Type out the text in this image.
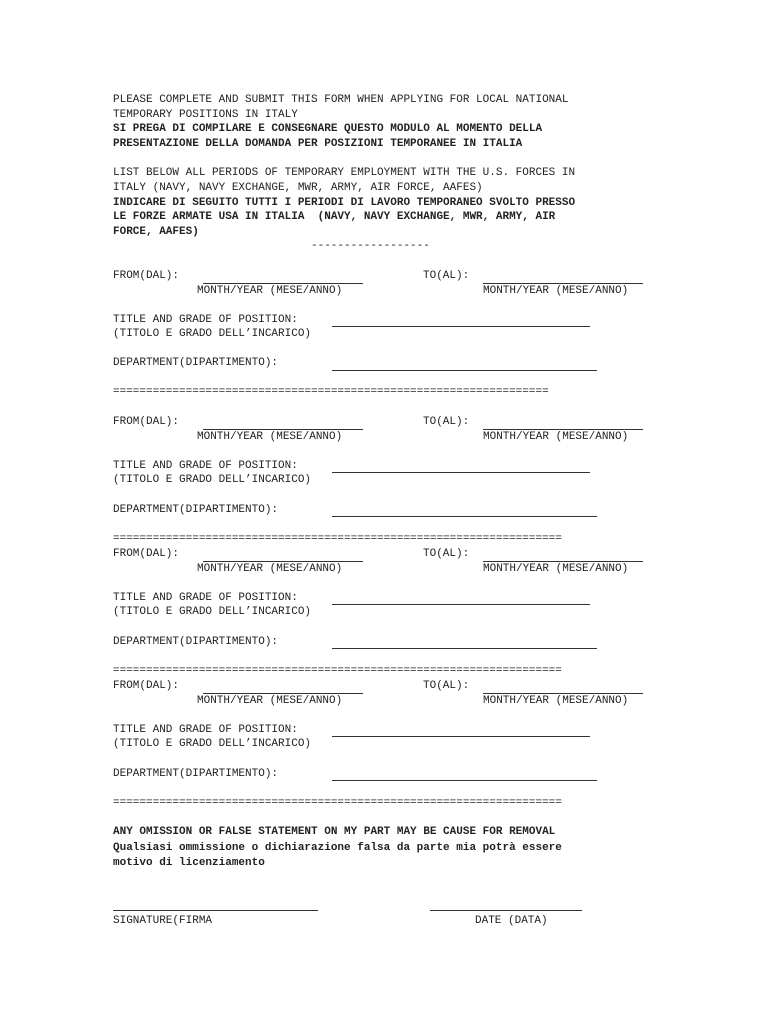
PLEASE COMPLETE AND SUBMIT THIS FORM WHEN APPLYING FOR LOCAL NATIONAL
TEMPORARY POSITIONS IN ITALY
SI PREGA DI COMPILARE E CONSEGNARE QUESTO MODULO AL MOMENTO DELLA
PRESENTAZIONE DELLA DOMANDA PER POSIZIONI TEMPORANEE IN ITALIA
LIST BELOW ALL PERIODS OF TEMPORARY EMPLOYMENT WITH THE U.S. FORCES IN
ITALY (NAVY, NAVY EXCHANGE, MWR, ARMY, AIR FORCE, AAFES)
INDICARE DI SEGUITO TUTTI I PERIODI DI LAVORO TEMPORANEO SVOLTO PRESSO
LE FORZE ARMATE USA IN ITALIA  (NAVY, NAVY EXCHANGE, MWR, ARMY, AIR
FORCE, AAFES)
------------------
FROM(DAL):	TO(AL):
MONTH/YEAR (MESE/ANNO)	MONTH/YEAR (MESE/ANNO)
TITLE AND GRADE OF POSITION:
(TITOLO E GRADO DELL’INCARICO)
DEPARTMENT(DIPARTIMENTO):
==================================================================
FROM(DAL):	TO(AL):
MONTH/YEAR (MESE/ANNO)	MONTH/YEAR (MESE/ANNO)
TITLE AND GRADE OF POSITION:
(TITOLO E GRADO DELL’INCARICO)
DEPARTMENT(DIPARTIMENTO):
====================================================================
FROM(DAL):	TO(AL):
MONTH/YEAR (MESE/ANNO)	MONTH/YEAR (MESE/ANNO)
TITLE AND GRADE OF POSITION:
(TITOLO E GRADO DELL’INCARICO)
DEPARTMENT(DIPARTIMENTO):
====================================================================
FROM(DAL):	TO(AL):
MONTH/YEAR (MESE/ANNO)	MONTH/YEAR (MESE/ANNO)
TITLE AND GRADE OF POSITION:
(TITOLO E GRADO DELL’INCARICO)
DEPARTMENT(DIPARTIMENTO):
====================================================================
ANY OMISSION OR FALSE STATEMENT ON MY PART MAY BE CAUSE FOR REMOVAL
Qualsiasi ommissione o dichiarazione falsa da parte mia potrà essere
motivo di licenziamento
SIGNATURE(FIRMA	DATE (DATA)
